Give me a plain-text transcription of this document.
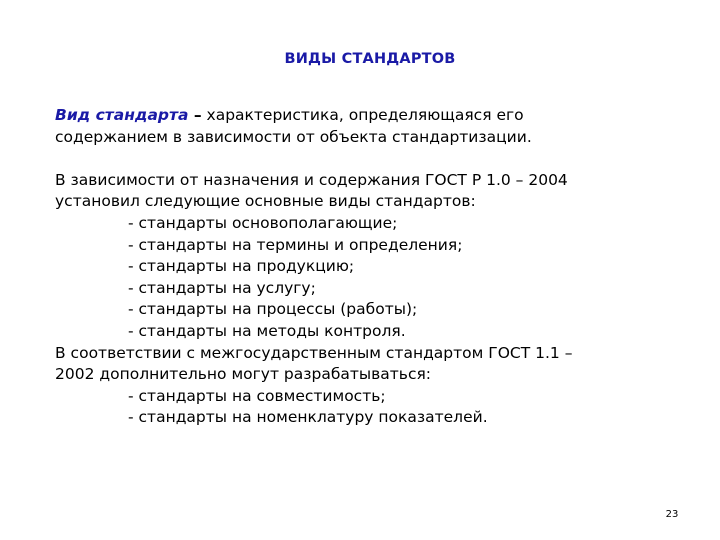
ВИДЫ СТАНДАРТОВ
Вид стандарта – характеристика, определяющаяся его
содержанием в зависимости от объекта стандартизации.
В зависимости от назначения и содержания ГОСТ Р 1.0 – 2004
установил следующие основные виды стандартов:
- стандарты основополагающие;
- стандарты на термины и определения;
- стандарты на продукцию;
- стандарты на услугу;
- стандарты на процессы (работы);
- стандарты на методы контроля.
В соответствии с межгосударственным стандартом ГОСТ 1.1 –
2002 дополнительно могут разрабатываться:
- стандарты на совместимость;
- стандарты на номенклатуру показателей.
23
